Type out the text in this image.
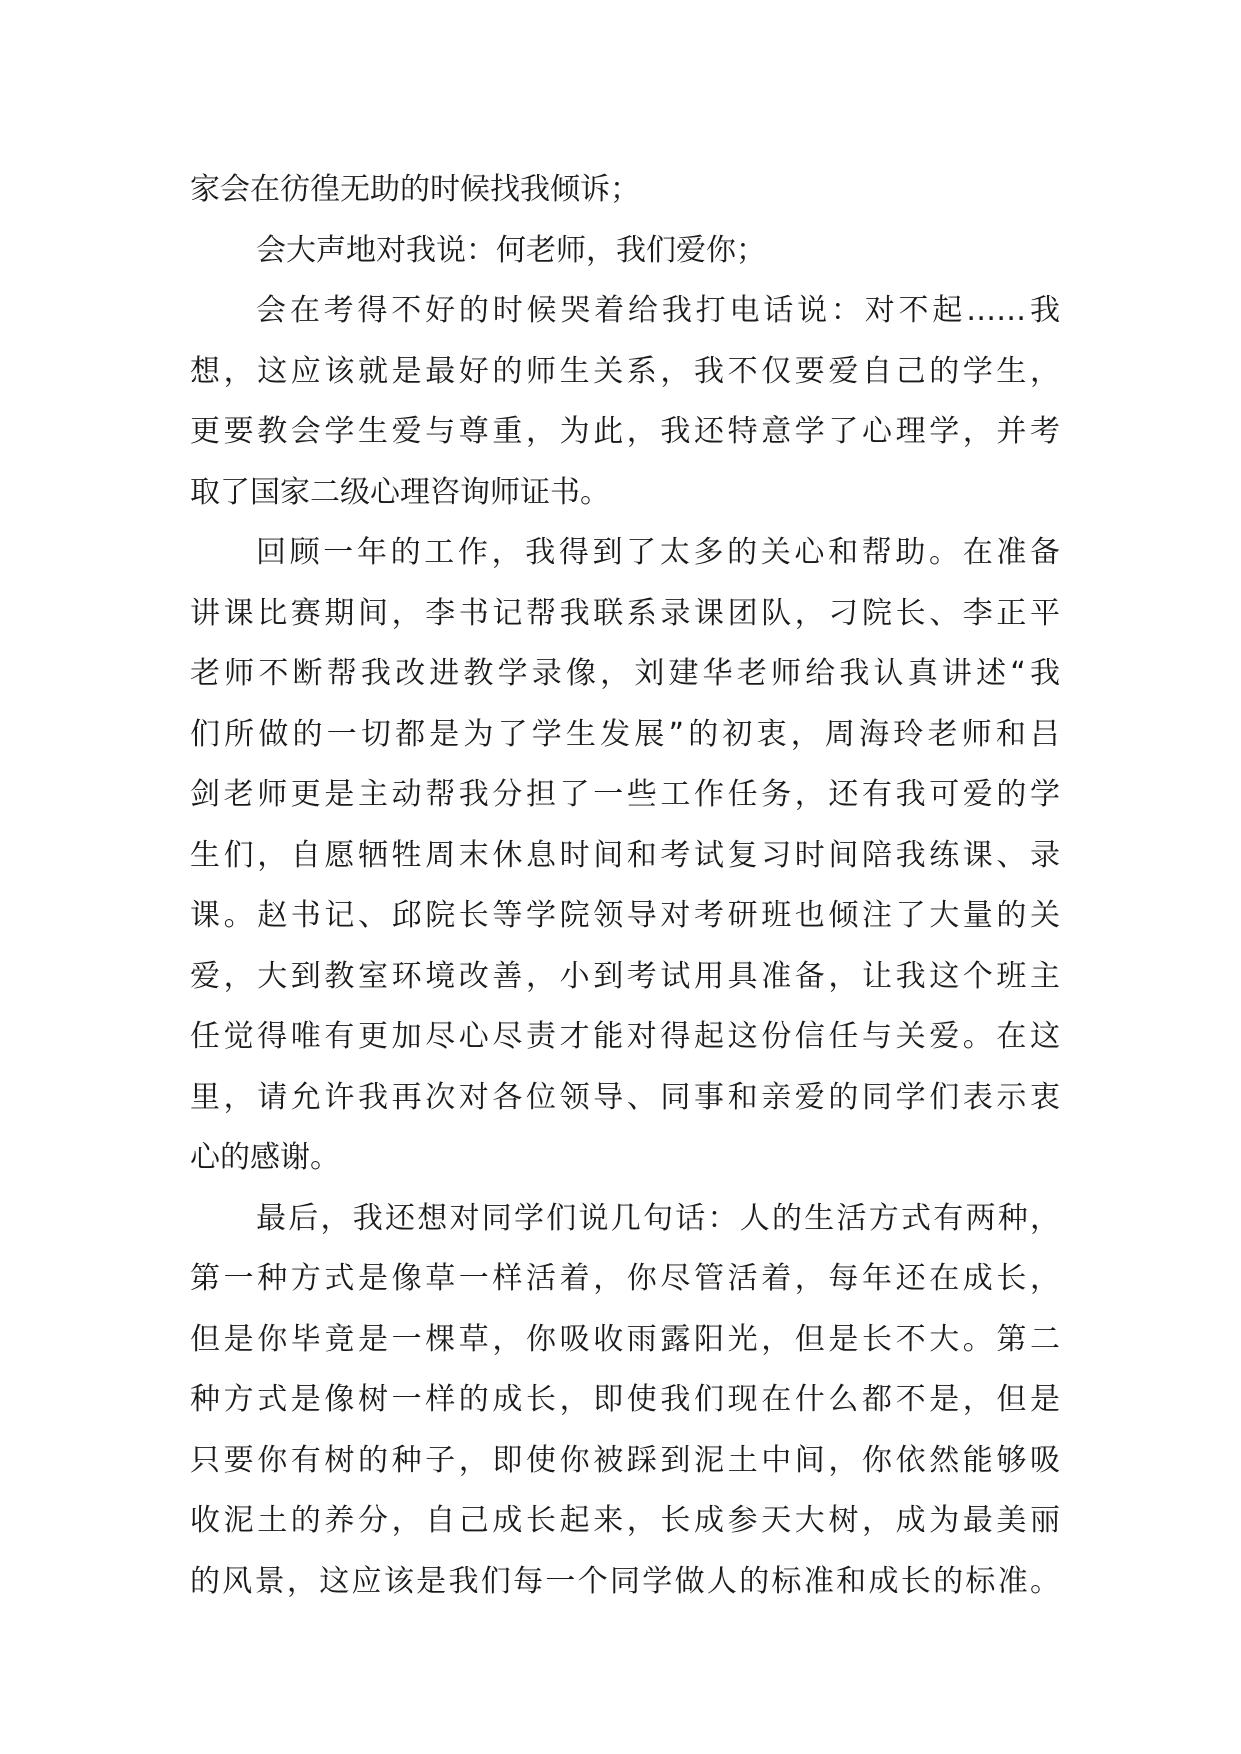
家会在彷徨无助的时候找我倾诉；
会大声地对我说：何老师，我们爱你；
会在考得不好的时候哭着给我打电话说：对不起……我
想，这应该就是最好的师生关系，我不仅要爱自己的学生，
更要教会学生爱与尊重，为此，我还特意学了心理学，并考
取了国家二级心理咨询师证书。
回顾一年的工作，我得到了太多的关心和帮助。在准备
讲课比赛期间，李书记帮我联系录课团队，刁院长、李正平
老师不断帮我改进教学录像，刘建华老师给我认真讲述“我
们所做的一切都是为了学生发展”的初衷，周海玲老师和吕
剑老师更是主动帮我分担了一些工作任务，还有我可爱的学
生们，自愿牺牲周末休息时间和考试复习时间陪我练课、录
课。赵书记、邱院长等学院领导对考研班也倾注了大量的关
爱，大到教室环境改善，小到考试用具准备，让我这个班主
任觉得唯有更加尽心尽责才能对得起这份信任与关爱。在这
里，请允许我再次对各位领导、同事和亲爱的同学们表示衷
心的感谢。
最后，我还想对同学们说几句话：人的生活方式有两种，
第一种方式是像草一样活着，你尽管活着，每年还在成长，
但是你毕竟是一棵草，你吸收雨露阳光，但是长不大。第二
种方式是像树一样的成长，即使我们现在什么都不是，但是
只要你有树的种子，即使你被踩到泥土中间，你依然能够吸
收泥土的养分，自己成长起来，长成参天大树，成为最美丽
的风景，这应该是我们每一个同学做人的标准和成长的标准。
